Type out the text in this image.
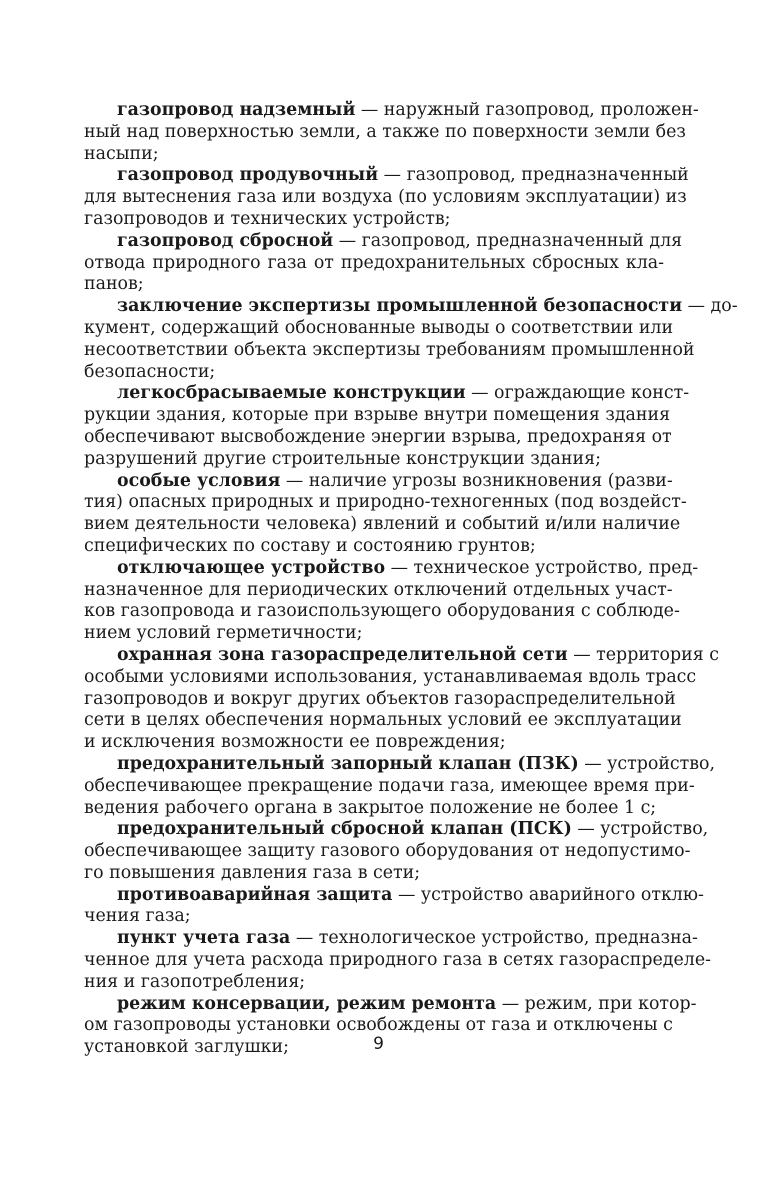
газопровод надземный — наружный газопровод, проложен-
ный над поверхностью земли, а также по поверхности земли без
насыпи;

газопровод продувочный — газопровод, предназначенный
для вытеснения газа или воздуха (по условиям эксплуатации) из
газопроводов и технических устройств;

газопровод сбросной — газопровод, предназначенный для
отвода природного газа от предохранительных сбросных кла-
панов;

заключение экспертизы промышленной безопасности — до-
кумент, содержащий обоснованные выводы о соответствии или
несоответствии объекта экспертизы требованиям промышленной
безопасности;

легкосбрасываемые конструкции — ограждающие конст-
рукции здания, которые при взрыве внутри помещения здания
обеспечивают высвобождение энергии взрыва, предохраняя от
разрушений другие строительные конструкции здания;

особые условия — наличие угрозы возникновения (разви-
тия) опасных природных и природно-техногенных (под воздейст-
вием деятельности человека) явлений и событий и/или наличие
специфических по составу и состоянию грунтов;

отключающее устройство — техническое устройство, пред-
назначенное для периодических отключений отдельных участ-
ков газопровода и газоиспользующего оборудования с соблюде-
нием условий герметичности;

охранная зона газораспределительной сети — территория с
особыми условиями использования, устанавливаемая вдоль трасс
газопроводов и вокруг других объектов газораспределительной
сети в целях обеспечения нормальных условий ее эксплуатации
и исключения возможности ее повреждения;

предохранительный запорный клапан (ПЗК) — устройство,
обеспечивающее прекращение подачи газа, имеющее время при-
ведения рабочего органа в закрытое положение не более 1 с;

предохранительный сбросной клапан (ПСК) — устройство,
обеспечивающее защиту газового оборудования от недопустимо-
го повышения давления газа в сети;

противоаварийная защита — устройство аварийного отклю-
чения газа;

пункт учета газа — технологическое устройство, предназна-
ченное для учета расхода природного газа в сетях газораспределе-
ния и газопотребления;

режим консервации, режим ремонта — режим, при котор-
ом газопроводы установки освобождены от газа и отключены с
установкой заглушки;	9
